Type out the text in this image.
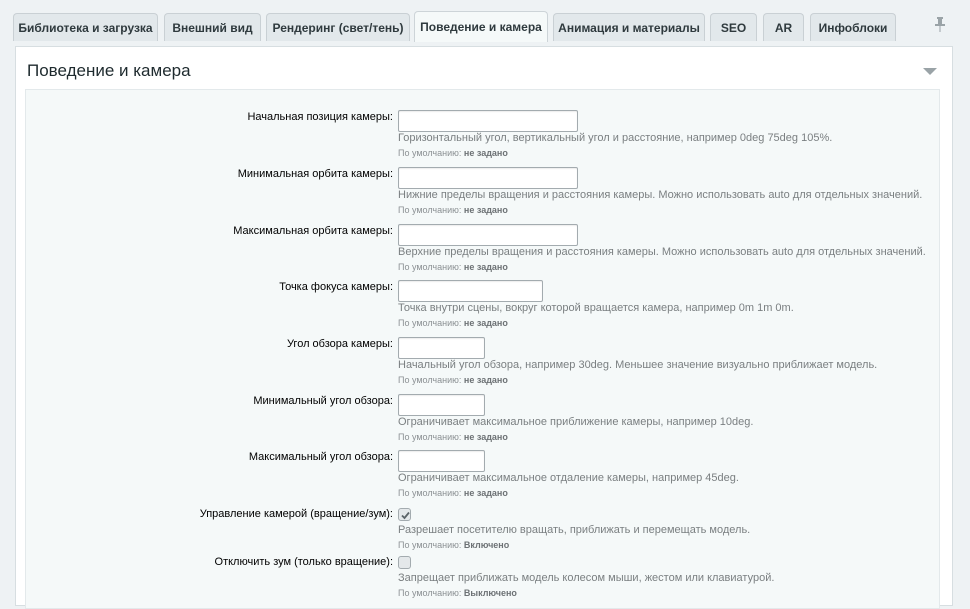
Библиотека и загрузка Внешний вид Рендеринг (свет/тень) Поведение и камера Анимация и материалы SEO AR Инфоблоки
Поведение и камера
Начальная позиция камеры:
Горизонтальный угол, вертикальный угол и расстояние, например 0deg 75deg 105%.
По умолчанию: не задано
Минимальная орбита камеры:
Нижние пределы вращения и расстояния камеры. Можно использовать auto для отдельных значений.
По умолчанию: не задано
Максимальная орбита камеры:
Верхние пределы вращения и расстояния камеры. Можно использовать auto для отдельных значений.
По умолчанию: не задано
Точка фокуса камеры:
Точка внутри сцены, вокруг которой вращается камера, например 0m 1m 0m.
По умолчанию: не задано
Угол обзора камеры:
Начальный угол обзора, например 30deg. Меньшее значение визуально приближает модель.
По умолчанию: не задано
Минимальный угол обзора:
Ограничивает максимальное приближение камеры, например 10deg.
По умолчанию: не задано
Максимальный угол обзора:
Ограничивает максимальное отдаление камеры, например 45deg.
По умолчанию: не задано
Управление камерой (вращение/зум):
Разрешает посетителю вращать, приближать и перемещать модель.
По умолчанию: Включено
Отключить зум (только вращение):
Запрещает приближать модель колесом мыши, жестом или клавиатурой.
По умолчанию: Выключено
